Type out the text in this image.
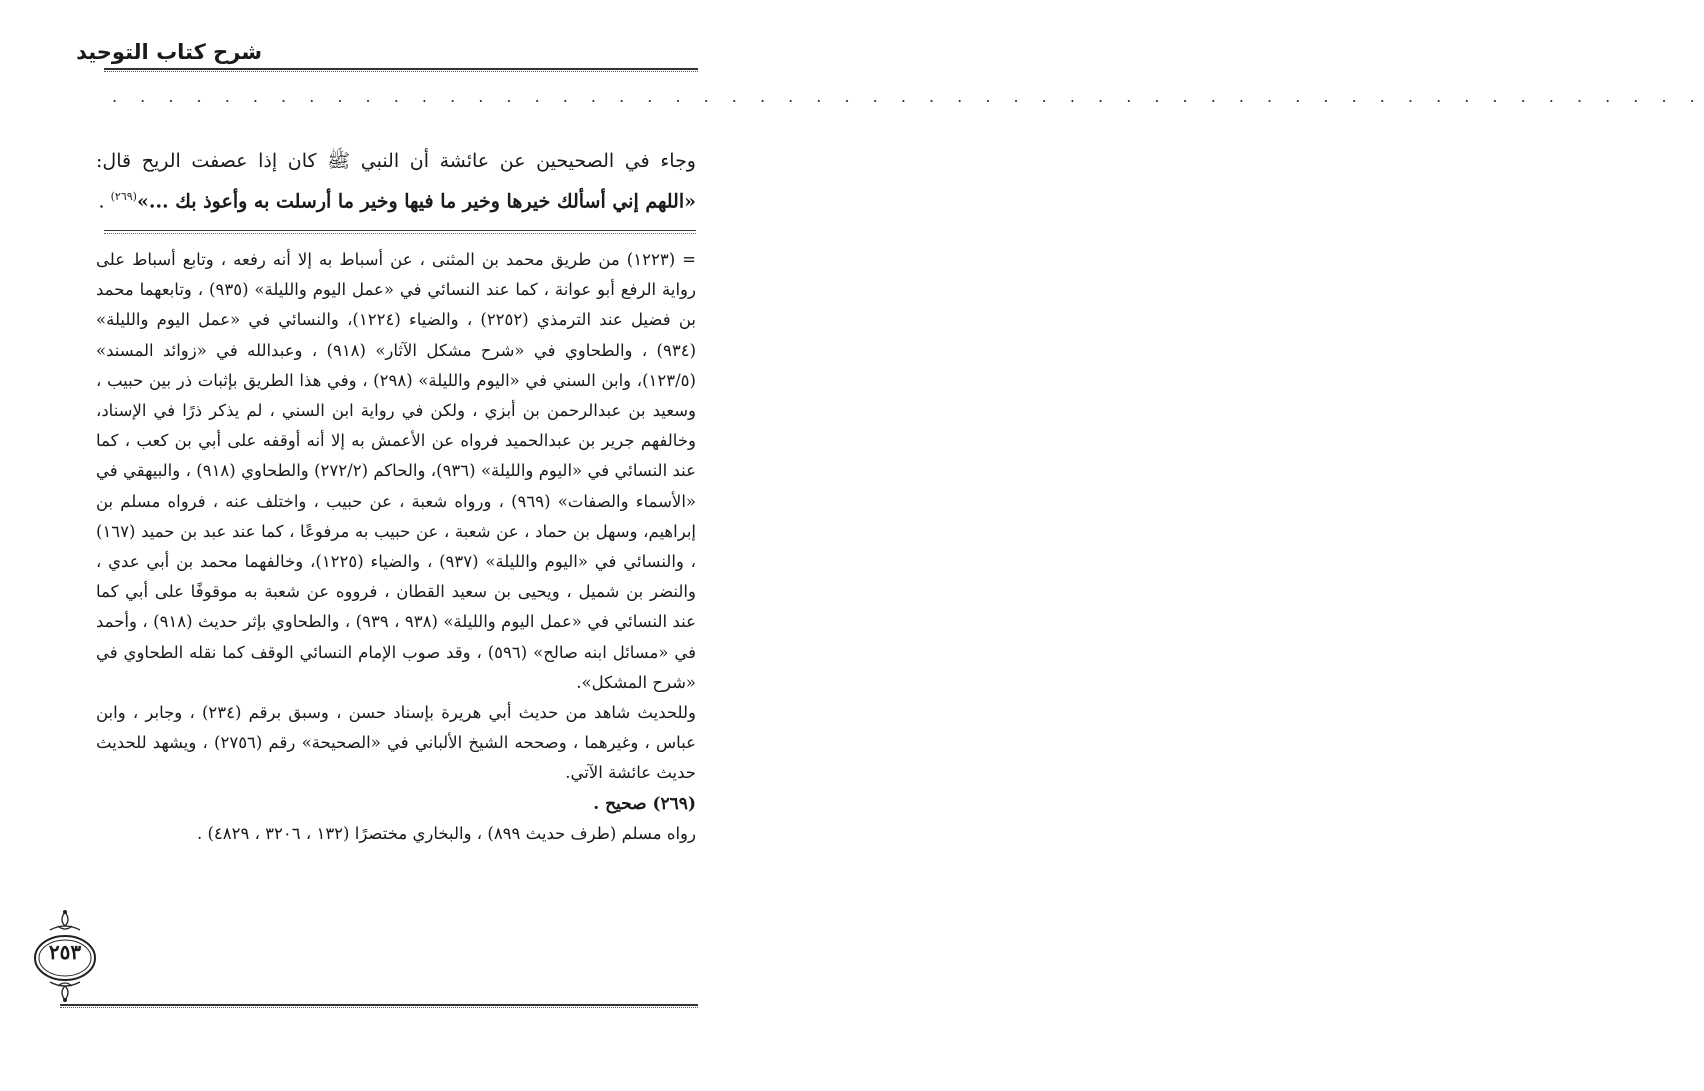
شرح كتاب التوحيد
. . . . . . . . . . . . . . . . . . . . . . . . . . . . . . . . . . . . . . . . . . . . . . . . . . . . . . . . .
وجاء في الصحيحين عن عائشة أن النبي ﷺ كان إذا عصفت الريح قال: «اللهم إني أسألك خيرها وخير ما فيها وخير ما أرسلت به وأعوذ بك ...»$^{(٢٦٩)}$ .

= (١٢٢٣) من طريق محمد بن المثنى ، عن أسباط به إلا أنه رفعه ، وتابع أسباط على رواية الرفع أبو عوانة ، كما عند النسائي في «عمل اليوم والليلة» (٩٣٥) ، وتابعهما محمد بن فضيل عند الترمذي (٢٢٥٢) ، والضياء (١٢٢٤)، والنسائي في «عمل اليوم والليلة» (٩٣٤) ، والطحاوي في «شرح مشكل الآثار» (٩١٨) ، وعبدالله في «زوائد المسند» (١٢٣/٥)، وابن السني في «اليوم والليلة» (٢٩٨) ، وفي هذا الطريق بإثبات ذر بين حبيب ، وسعيد بن عبدالرحمن بن أبزي ، ولكن في رواية ابن السني ، لم يذكر ذرًا في الإسناد، وخالفهم جرير بن عبدالحميد فرواه عن الأعمش به إلا أنه أوقفه على أبي بن كعب ، كما عند النسائي في «اليوم والليلة» (٩٣٦)، والحاكم (٢٧٢/٢) والطحاوي (٩١٨) ، والبيهقي في «الأسماء والصفات» (٩٦٩) ، ورواه شعبة ، عن حبيب ، واختلف عنه ، فرواه مسلم بن إبراهيم، وسهل بن حماد ، عن شعبة ، عن حبيب به مرفوعًا ، كما عند عبد بن حميد (١٦٧) ، والنسائي في «اليوم والليلة» (٩٣٧) ، والضياء (١٢٢٥)، وخالفهما محمد بن أبي عدي ، والنضر بن شميل ، ويحيى بن سعيد القطان ، فرووه عن شعبة به موقوفًا على أبي كما عند النسائي في «عمل اليوم والليلة» (٩٣٨ ، ٩٣٩) ، والطحاوي بإثر حديث (٩١٨) ، وأحمد في «مسائل ابنه صالح» (٥٩٦) ، وقد صوب الإمام النسائي الوقف كما نقله الطحاوي في «شرح المشكل».

وللحديث شاهد من حديث أبي هريرة بإسناد حسن ، وسبق برقم (٢٣٤) ، وجابر ، وابن عباس ، وغيرهما ، وصححه الشيخ الألباني في «الصحيحة» رقم (٢٧٥٦) ، ويشهد للحديث حديث عائشة الآتي.

(٢٦٩) صحيح .

رواه مسلم (طرف حديث ٨٩٩) ، والبخاري مختصرًا (١٣٢ ، ٣٢٠٦ ، ٤٨٢٩) .

٢٥٣
